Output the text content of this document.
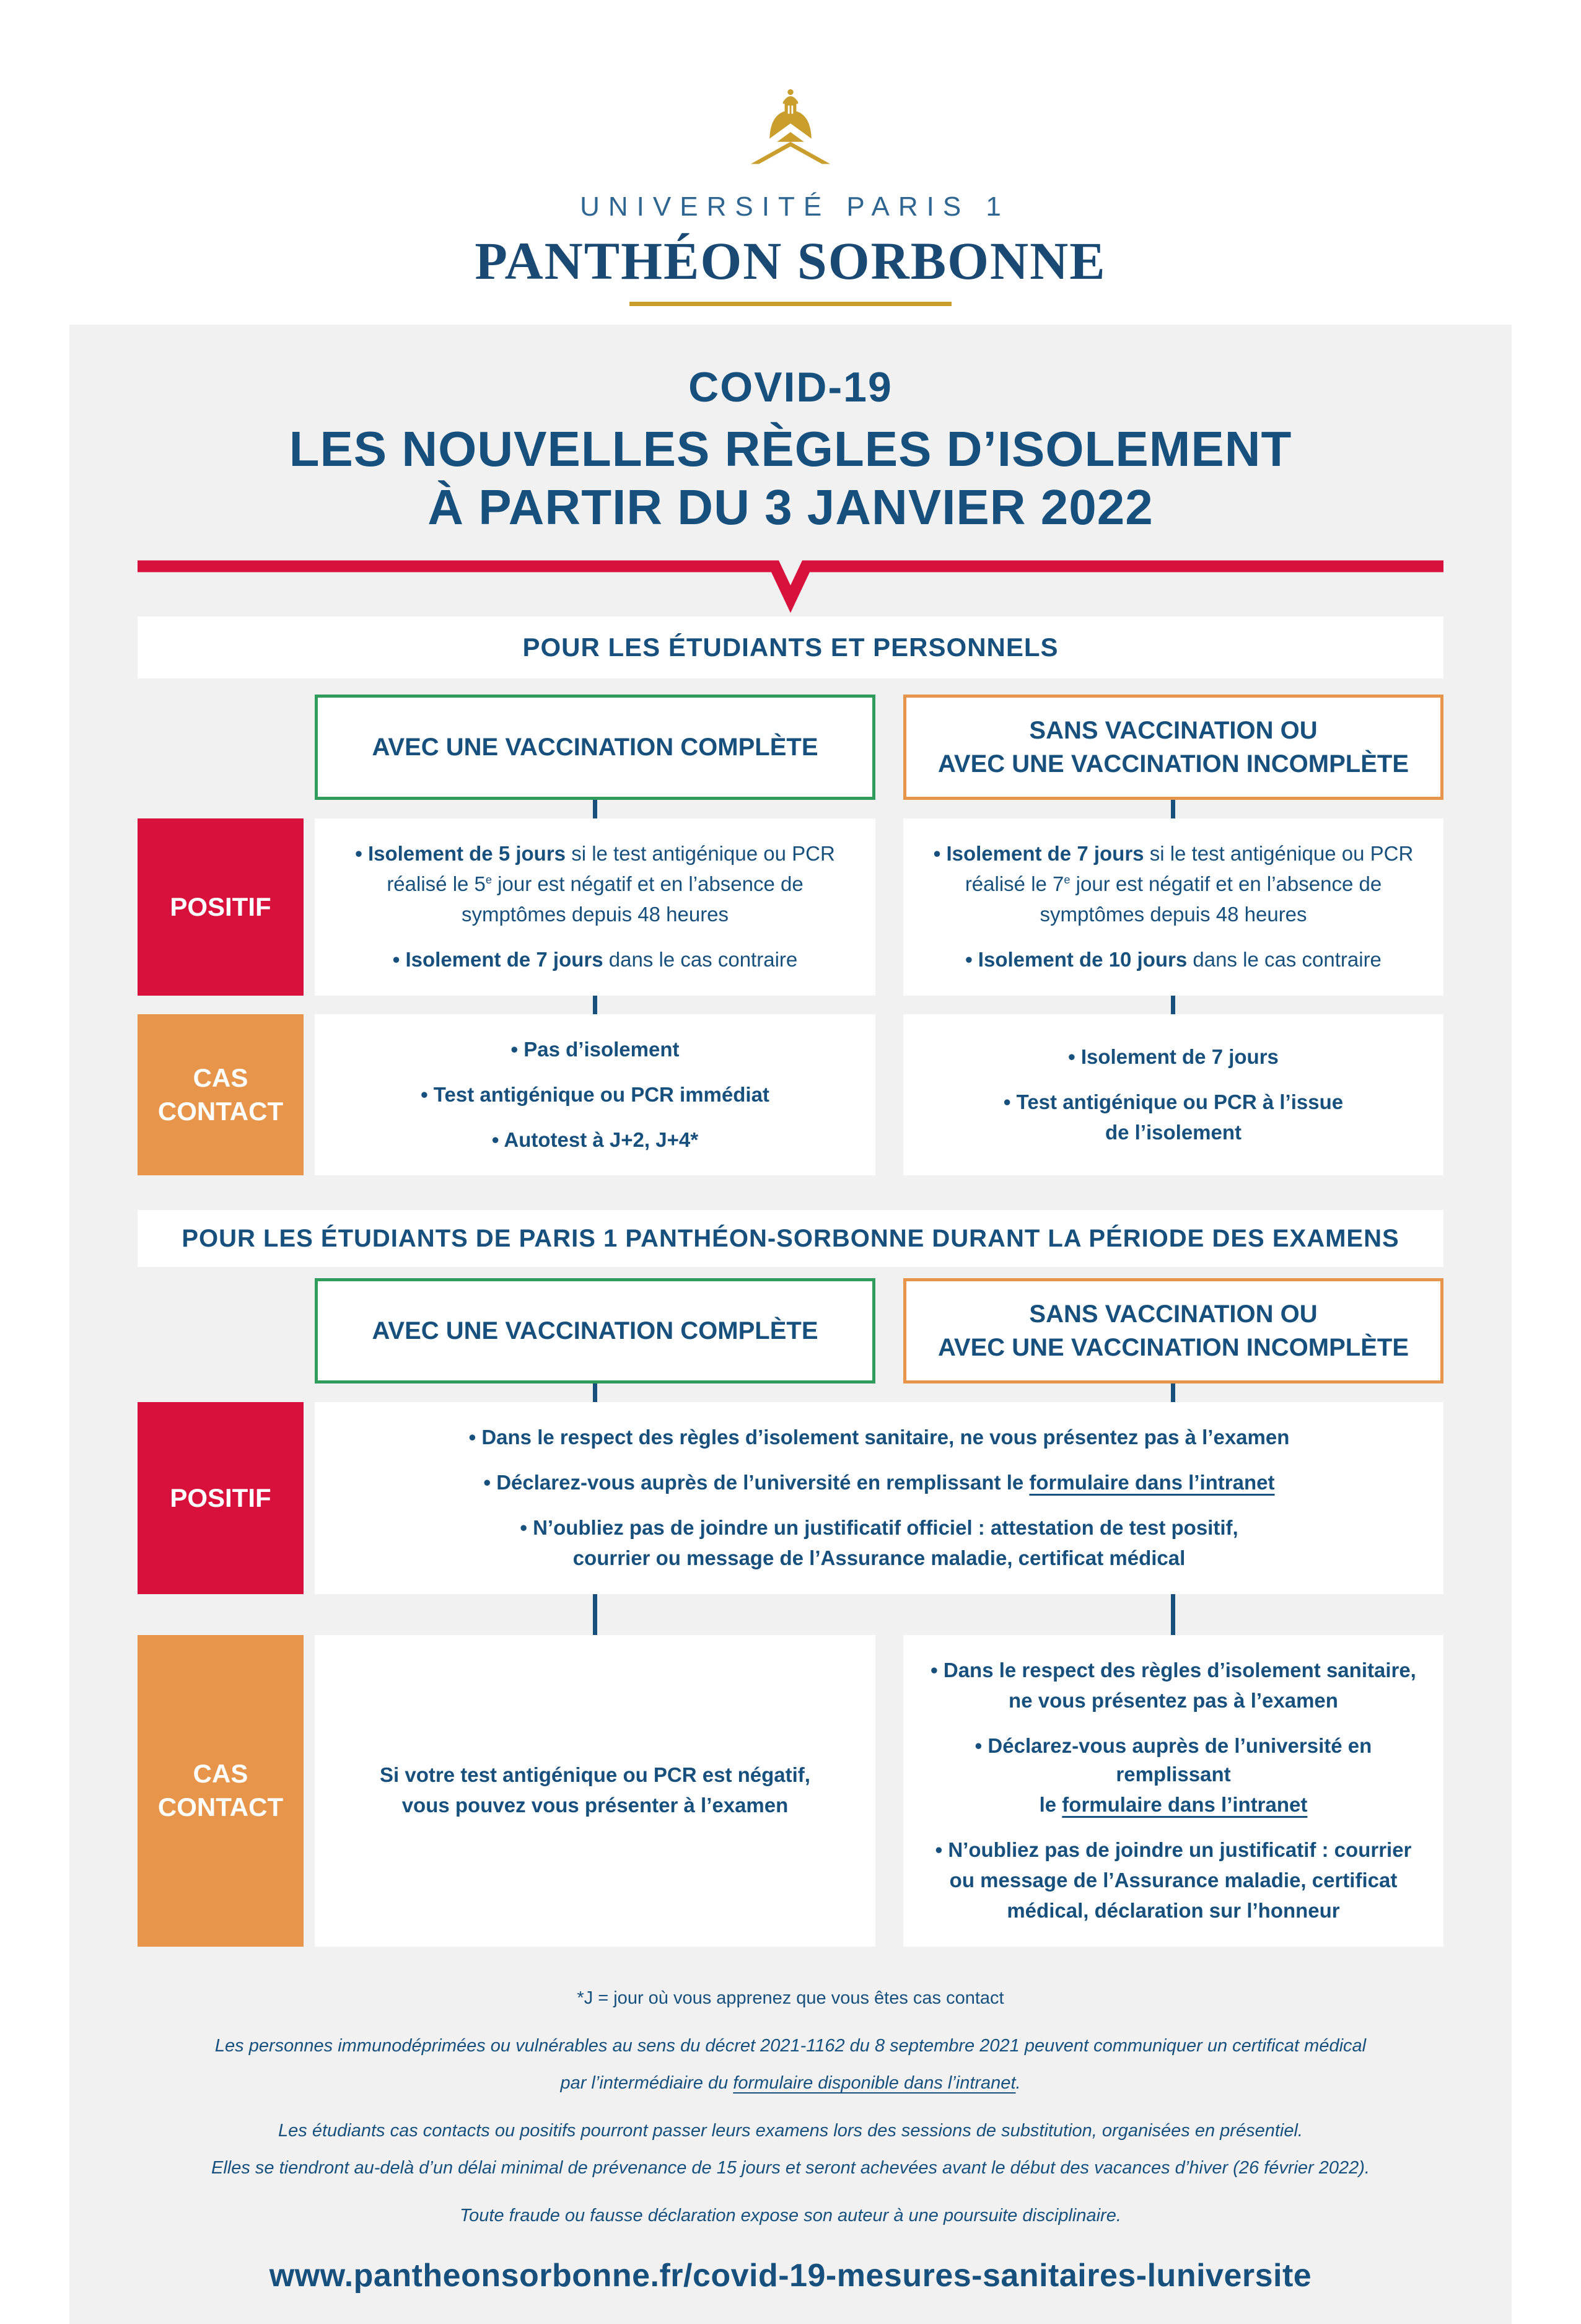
UNIVERSITÉ PARIS 1
PANTHÉON SORBONNE
COVID-19
LES NOUVELLES RÈGLES D’ISOLEMENT
À PARTIR DU 3 JANVIER 2022
POUR LES ÉTUDIANTS ET PERSONNELS
AVEC UNE VACCINATION COMPLÈTE
SANS VACCINATION OU
AVEC UNE VACCINATION INCOMPLÈTE
POSITIF
• Isolement de 5 jours si le test antigénique ou PCR
réalisé le 5e jour est négatif et en l’absence de
symptômes depuis 48 heures
• Isolement de 7 jours dans le cas contraire
• Isolement de 7 jours si le test antigénique ou PCR
réalisé le 7e jour est négatif et en l’absence de
symptômes depuis 48 heures
• Isolement de 10 jours dans le cas contraire
CAS
CONTACT
• Pas d’isolement
• Test antigénique ou PCR immédiat
• Autotest à J+2, J+4*
• Isolement de 7 jours
• Test antigénique ou PCR à l’issue
de l’isolement
POUR LES ÉTUDIANTS DE PARIS 1 PANTHÉON-SORBONNE DURANT LA PÉRIODE DES EXAMENS
AVEC UNE VACCINATION COMPLÈTE
SANS VACCINATION OU
AVEC UNE VACCINATION INCOMPLÈTE
POSITIF
• Dans le respect des règles d’isolement sanitaire, ne vous présentez pas à l’examen
• Déclarez-vous auprès de l’université en remplissant le formulaire dans l’intranet
• N’oubliez pas de joindre un justificatif officiel : attestation de test positif,
courrier ou message de l’Assurance maladie, certificat médical
CAS
CONTACT
Si votre test antigénique ou PCR est négatif,
vous pouvez vous présenter à l’examen
• Dans le respect des règles d’isolement sanitaire,
ne vous présentez pas à l’examen
• Déclarez-vous auprès de l’université en remplissant
le formulaire dans l’intranet
• N’oubliez pas de joindre un justificatif : courrier
ou message de l’Assurance maladie, certificat
médical, déclaration sur l’honneur
*J = jour où vous apprenez que vous êtes cas contact
Les personnes immunodéprimées ou vulnérables au sens du décret 2021-1162 du 8 septembre 2021 peuvent communiquer un certificat médical
par l’intermédiaire du formulaire disponible dans l’intranet.
Les étudiants cas contacts ou positifs pourront passer leurs examens lors des sessions de substitution, organisées en présentiel.
Elles se tiendront au-delà d’un délai minimal de prévenance de 15 jours et seront achevées avant le début des vacances d’hiver (26 février 2022).
Toute fraude ou fausse déclaration expose son auteur à une poursuite disciplinaire.
www.pantheonsorbonne.fr/covid-19-mesures-sanitaires-luniversite
